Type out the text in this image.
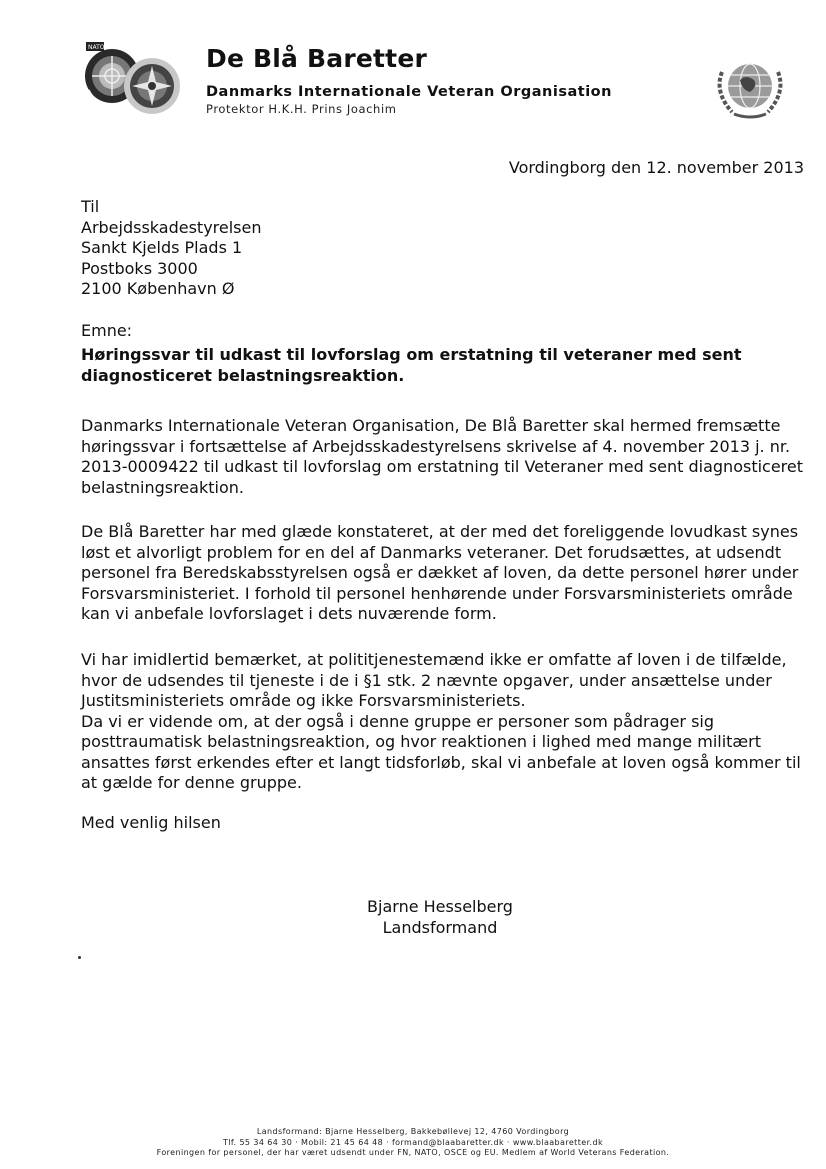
NATO	De Blå Baretter
Danmarks Internationale Veteran Organisation
Protektor H.K.H. Prins Joachim
Vordingborg den 12. november 2013
Til
Arbejdsskadestyrelsen
Sankt Kjelds Plads 1
Postboks 3000
2100 København Ø
Emne:
Høringssvar til udkast til lovforslag om erstatning til veteraner med sent diagnosticeret belastningsreaktion.

Danmarks Internationale Veteran Organisation, De Blå Baretter skal hermed fremsætte høringssvar i fortsættelse af Arbejdsskadestyrelsens skrivelse af 4. november 2013 j. nr. 2013-0009422 til udkast til lovforslag om erstatning til Veteraner med sent diagnosticeret belastningsreaktion.

De Blå Baretter har med glæde konstateret, at der med det foreliggende lovudkast synes løst et alvorligt problem for en del af Danmarks veteraner. Det forudsættes, at udsendt personel fra Beredskabsstyrelsen også er dækket af loven, da dette personel hører under Forsvarsministeriet. I forhold til personel henhørende under Forsvarsministeriets område kan vi anbefale lovforslaget i dets nuværende form.

Vi har imidlertid bemærket, at polititjenestemænd ikke er omfatte af loven i de tilfælde, hvor de udsendes til tjeneste i de i §1 stk. 2 nævnte opgaver, under ansættelse under Justitsministeriets område og ikke Forsvarsministeriets.

Da vi er vidende om, at der også i denne gruppe er personer som pådrager sig posttraumatisk belastningsreaktion, og hvor reaktionen i lighed med mange militært ansattes først erkendes efter et langt tidsforløb, skal vi anbefale at loven også kommer til at gælde for denne gruppe.

Med venlig hilsen
Bjarne Hesselberg
Landsformand
Landsformand: Bjarne Hesselberg, Bakkebøllevej 12, 4760 Vordingborg
Tlf. 55 34 64 30 · Mobil: 21 45 64 48 · formand@blaabaretter.dk · www.blaabaretter.dk
Foreningen for personel, der har været udsendt under FN, NATO, OSCE og EU. Medlem af World Veterans Federation.
